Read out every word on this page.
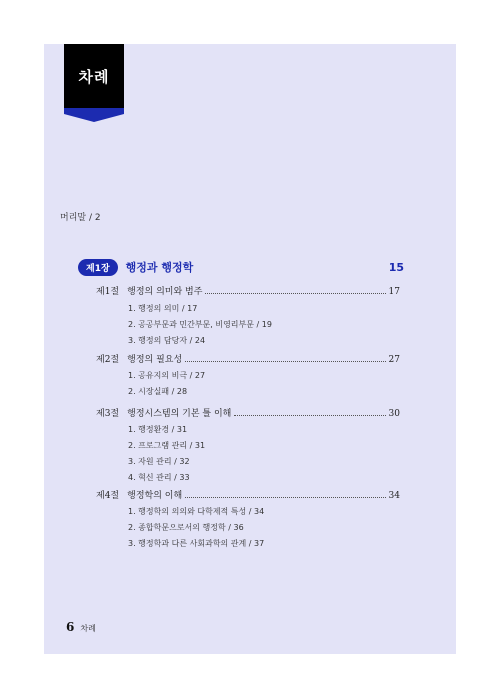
차례
머리말 / 2
제1장	행정과 행정학	15
제1절 행정의 의미와 범주	17
1. 행정의 의미 / 17
2. 공공부문과 민간부문, 비영리부문 / 19
3. 행정의 담당자 / 24
제2절 행정의 필요성	27
1. 공유지의 비극 / 27
2. 시장실패 / 28
제3절 행정시스템의 기본 틀 이해	30
1. 행정환경 / 31
2. 프로그램 관리 / 31
3. 자원 관리 / 32
4. 혁신 관리 / 33
제4절 행정학의 이해	34
1. 행정학의 의의와 다학제적 특성 / 34
2. 종합학문으로서의 행정학 / 36
3. 행정학과 다른 사회과학의 관계 / 37
6 차례
